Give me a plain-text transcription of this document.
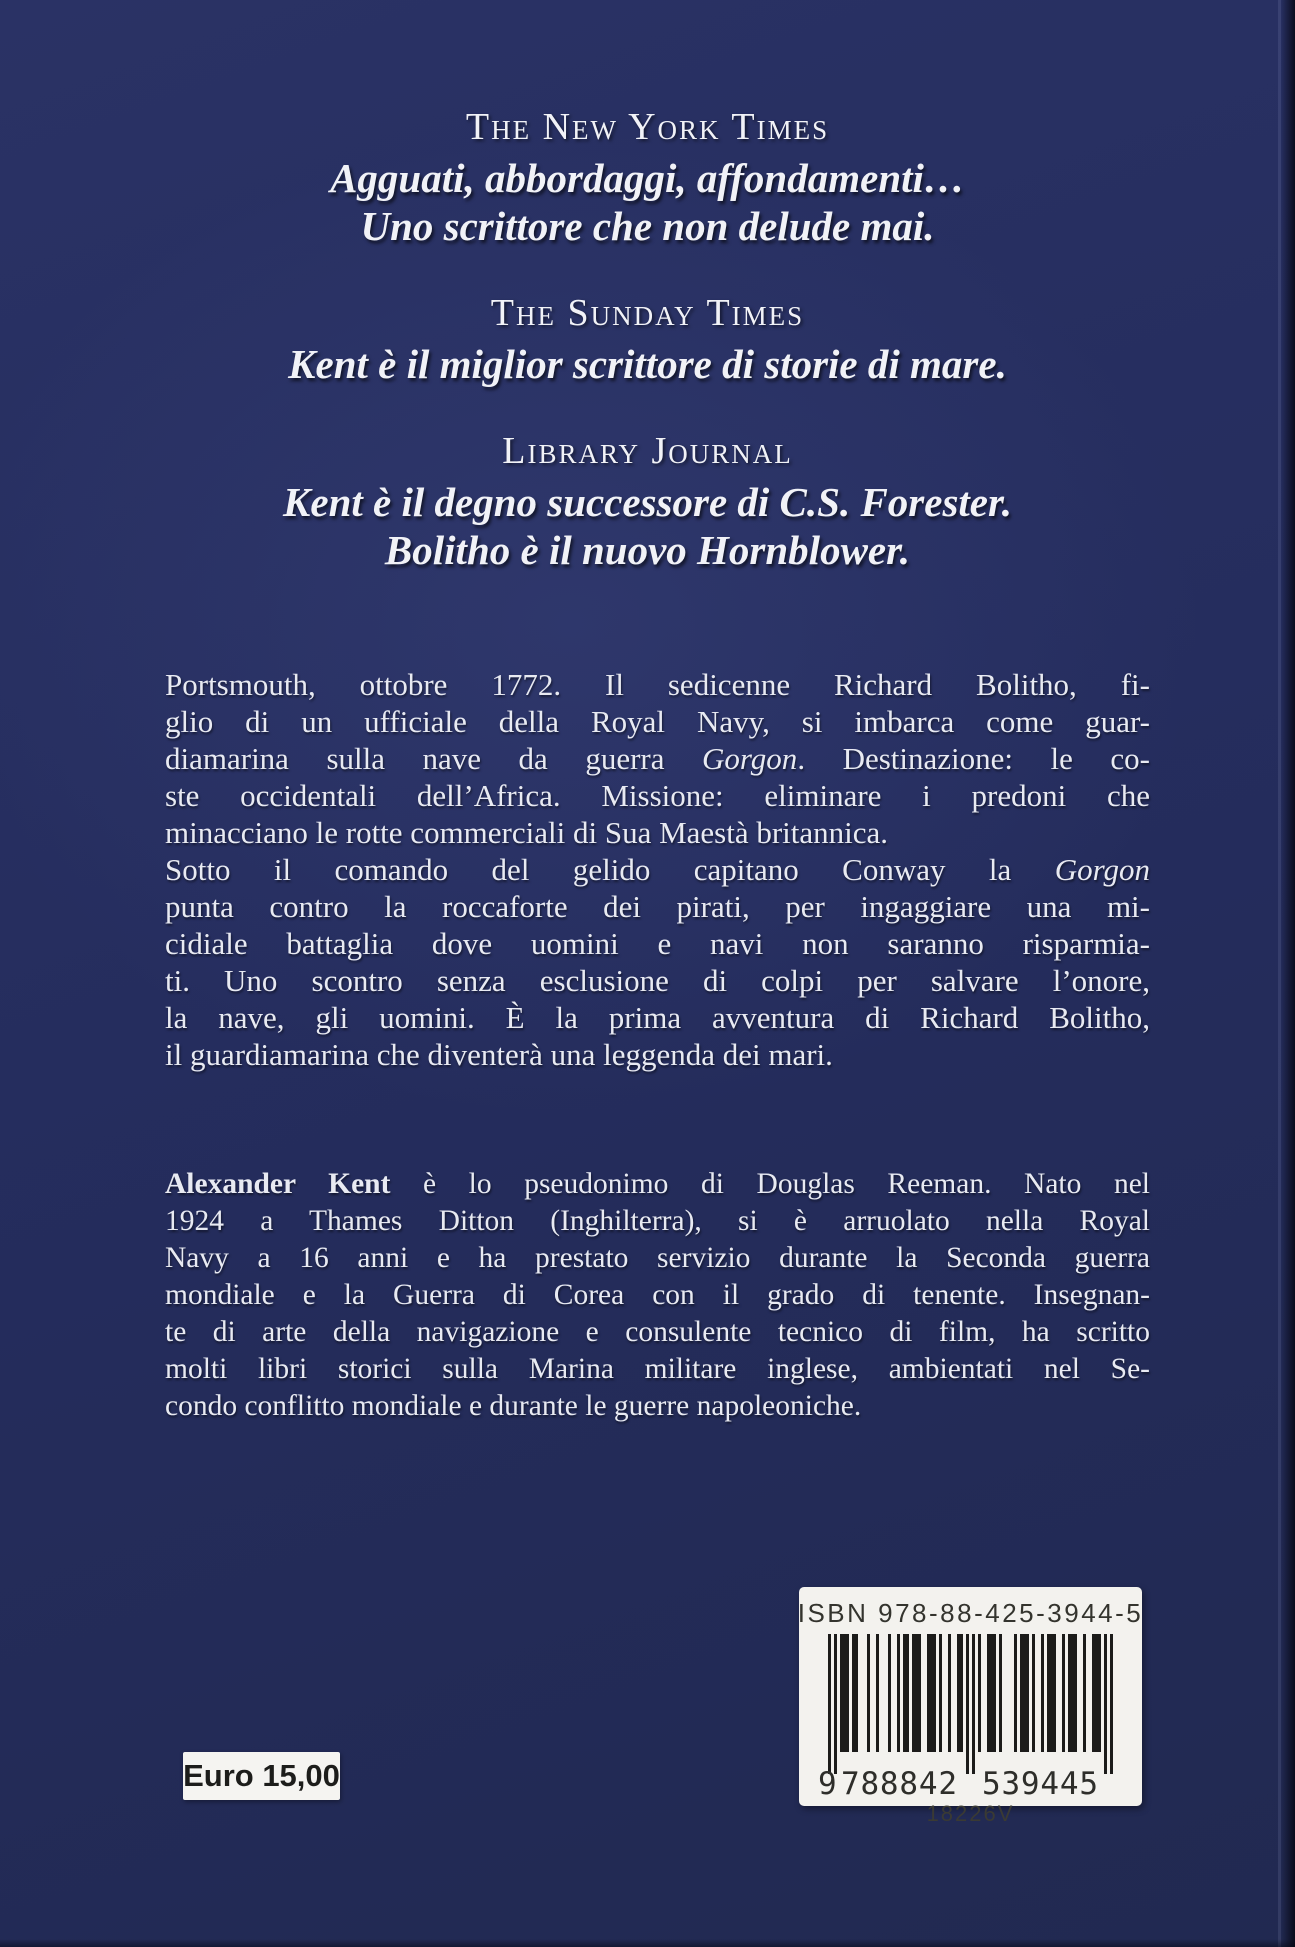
The New York Times
Agguati, abbordaggi, affondamenti…
Uno scrittore che non delude mai.
The Sunday Times
Kent è il miglior scrittore di storie di mare.
Library Journal
Kent è il degno successore di C.S. Forester.
Bolitho è il nuovo Hornblower.
Portsmouth, ottobre 1772. Il sedicenne Richard Bolitho, fi-
glio di un ufficiale della Royal Navy, si imbarca come guar-
diamarina sulla nave da guerra Gorgon. Destinazione: le co-
ste occidentali dell’Africa. Missione: eliminare i predoni che
minacciano le rotte commerciali di Sua Maestà britannica.
Sotto il comando del gelido capitano Conway la Gorgon
punta contro la roccaforte dei pirati, per ingaggiare una mi-
cidiale battaglia dove uomini e navi non saranno risparmia-
ti. Uno scontro senza esclusione di colpi per salvare l’onore,
la nave, gli uomini. È la prima avventura di Richard Bolitho,
il guardiamarina che diventerà una leggenda dei mari.
Alexander Kent è lo pseudonimo di Douglas Reeman. Nato nel
1924 a Thames Ditton (Inghilterra), si è arruolato nella Royal
Navy a 16 anni e ha prestato servizio durante la Seconda guerra
mondiale e la Guerra di Corea con il grado di tenente. Insegnan-
te di arte della navigazione e consulente tecnico di film, ha scritto
molti libri storici sulla Marina militare inglese, ambientati nel Se-
condo conflitto mondiale e durante le guerre napoleoniche.
ISBN 978-88-425-3944-5
9 788842 539445
18226V
Euro 15,00
